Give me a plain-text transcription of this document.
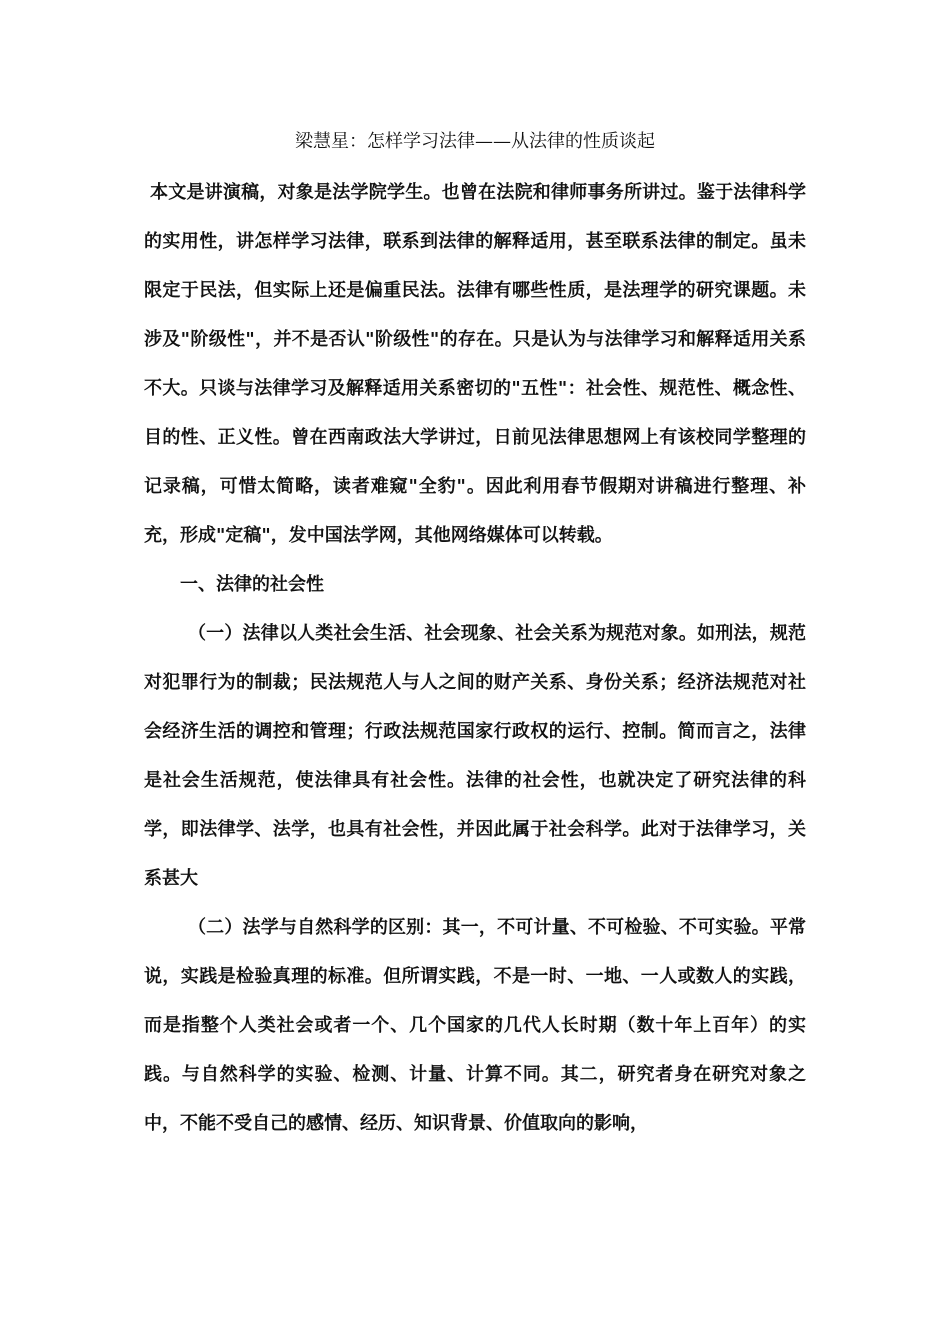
梁慧星：怎样学习法律——从法律的性质谈起

本文是讲演稿，对象是法学院学生。也曾在法院和律师事务所讲过。鉴于法律科学的实用性，讲怎样学习法律，联系到法律的解释适用，甚至联系法律的制定。虽未限定于民法，但实际上还是偏重民法。法律有哪些性质，是法理学的研究课题。未涉及"阶级性"，并不是否认"阶级性"的存在。只是认为与法律学习和解释适用关系不大。只谈与法律学习及解释适用关系密切的"五性"：社会性、规范性、概念性、目的性、正义性。曾在西南政法大学讲过，日前见法律思想网上有该校同学整理的记录稿，可惜太简略，读者难窥"全豹"。因此利用春节假期对讲稿进行整理、补充，形成"定稿"，发中国法学网，其他网络媒体可以转载。

一、法律的社会性

（一）法律以人类社会生活、社会现象、社会关系为规范对象。如刑法，规范对犯罪行为的制裁；民法规范人与人之间的财产关系、身份关系；经济法规范对社会经济生活的调控和管理；行政法规范国家行政权的运行、控制。简而言之，法律是社会生活规范，使法律具有社会性。法律的社会性，也就决定了研究法律的科学，即法律学、法学，也具有社会性，并因此属于社会科学。此对于法律学习，关系甚大

（二）法学与自然科学的区别：其一，不可计量、不可检验、不可实验。平常说，实践是检验真理的标准。但所谓实践，不是一时、一地、一人或数人的实践，而是指整个人类社会或者一个、几个国家的几代人长时期（数十年上百年）的实践。与自然科学的实验、检测、计量、计算不同。其二，研究者身在研究对象之中，不能不受自己的感情、经历、知识背景、价值取向的影响，
